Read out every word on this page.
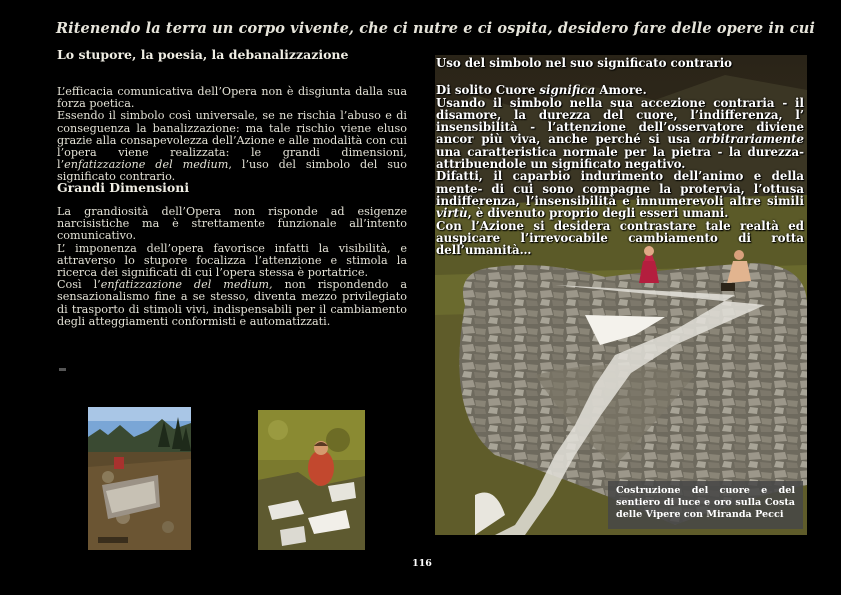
Ritenendo la terra un corpo vivente, che ci nutre e ci ospita, desidero fare delle opere in cui
Lo stupore, la poesia, la debanalizzazione

L’efficacia comunicativa dell’Opera non è disgiunta dalla sua forza poetica.

Essendo il simbolo così universale, se ne rischia l’abuso e di conseguenza la banalizzazione: ma tale rischio viene eluso grazie alla consapevolezza dell’Azione e alle modalità con cui l’opera viene realizzata: le grandi dimensioni, l’enfatizzazione del medium, l’uso del simbolo del suo significato contrario.

Grandi Dimensioni

La grandiosità dell’Opera non risponde ad esigenze narcisistiche ma è strettamente funzionale all’intento comunicativo.

L’ imponenza dell’opera favorisce infatti la visibilità, e attraverso lo stupore focalizza l’attenzione e stimola la ricerca dei significati di cui l’opera stessa è portatrice.

Così l’enfatizzazione del medium, non rispondendo a sensazionalismo fine a se stesso, diventa mezzo privilegiato di trasporto di stimoli vivi, indispensabili per il cambiamento degli atteggiamenti conformisti e automatizzati.

Uso del simbolo nel suo significato contrario

Di solito Cuore significa Amore.

Usando il simbolo nella sua accezione contraria - il disamore, la durezza del cuore, l’indifferenza, l’ insensibilità - l’attenzione dell’osservatore diviene ancor più viva, anche perché si usa arbitrariamente una caratteristica normale per la pietra - la durezza- attribuendole un significato negativo.

Difatti, il caparbio indurimento dell’animo e della mente- di cui sono compagne la protervia, l’ottusa indifferenza, l’insensibilità e innumerevoli altre simili virtù, è divenuto proprio degli esseri umani.

Con l’Azione si desidera contrastare tale realtà ed auspicare l’irrevocabile cambiamento di rotta dell’umanità…

Costruzione del cuore e del sentiero di luce e oro sulla Costa delle Vipere con Miranda Pecci
116
